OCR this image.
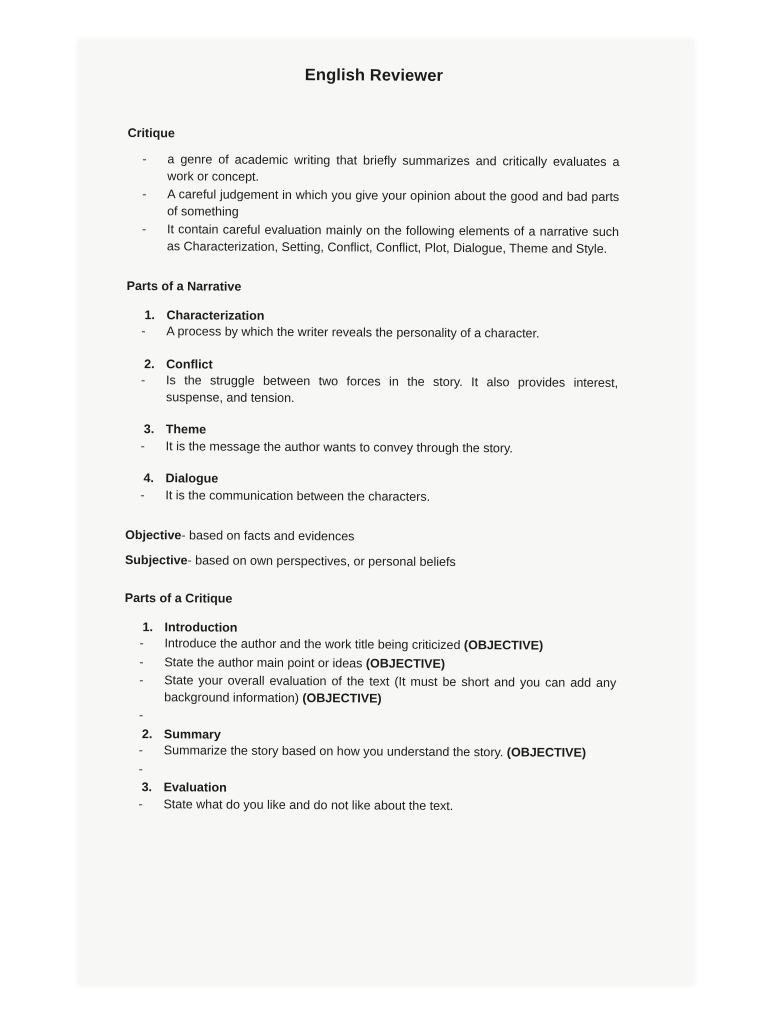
English Reviewer
Critique
- a genre of academic writing that briefly summarizes and critically evaluates a work or concept.
- A careful judgement in which you give your opinion about the good and bad parts of something
- It contain careful evaluation mainly on the following elements of a narrative such as Characterization, Setting, Conflict, Conflict, Plot, Dialogue, Theme and Style.
Parts of a Narrative
1. Characterization
- A process by which the writer reveals the personality of a character.
2. Conflict
- Is the struggle between two forces in the story. It also provides interest, suspense, and tension.
3. Theme
- It is the message the author wants to convey through the story.
4. Dialogue
- It is the communication between the characters.
Objective- based on facts and evidences
Subjective- based on own perspectives, or personal beliefs
Parts of a Critique
1. Introduction
- Introduce the author and the work title being criticized (OBJECTIVE)
- State the author main point or ideas (OBJECTIVE)
- State your overall evaluation of the text (It must be short and you can add any background information) (OBJECTIVE)
-

2. Summary
- Summarize the story based on how you understand the story. (OBJECTIVE)
-

3. Evaluation
- State what do you like and do not like about the text.
